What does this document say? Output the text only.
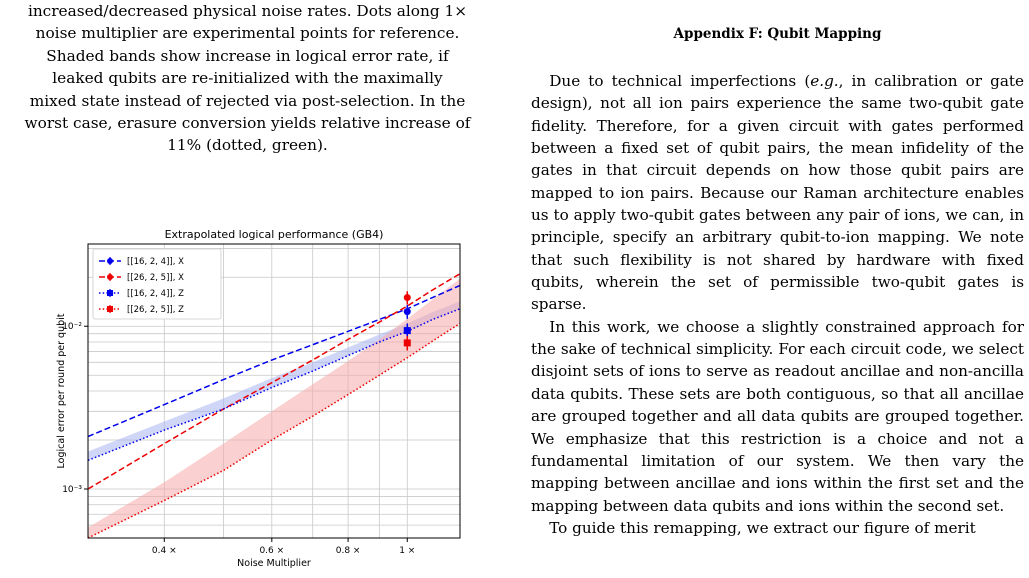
increased/decreased physical noise rates. Dots along 1×
noise multiplier are experimental points for reference.
Shaded bands show increase in logical error rate, if
leaked qubits are re-initialized with the maximally
mixed state instead of rejected via post-selection. In the
worst case, erasure conversion yields relative increase of
11% (dotted, green).
0.4 ×	0.6 ×	0.8 ×	1 ×
10⁻³
10⁻²
Extrapolated logical performance (GB4)
Noise Multiplier
Logical error per round per qubit
[[16, 2, 4]], X
[[26, 2, 5]], X
[[16, 2, 4]], Z
[[26, 2, 5]], Z
Appendix F: Qubit Mapping

Due to technical imperfections (e.g., in calibration or gate design), not all ion pairs experience the same two-qubit gate fidelity. Therefore, for a given circuit with gates performed between a fixed set of qubit pairs, the mean infidelity of the gates in that circuit depends on how those qubit pairs are mapped to ion pairs. Because our Raman architecture enables us to apply two-qubit gates between any pair of ions, we can, in principle, specify an arbitrary qubit-to-ion mapping. We note that such flexibility is not shared by hardware with fixed qubits, wherein the set of permissible two-qubit gates is sparse.

In this work, we choose a slightly constrained approach for the sake of technical simplicity. For each circuit code, we select disjoint sets of ions to serve as readout ancillae and non-ancilla data qubits. These sets are both contiguous, so that all ancillae are grouped together and all data qubits are grouped together. We emphasize that this restriction is a choice and not a fundamental limitation of our system. We then vary the mapping between ancillae and ions within the first set and the mapping between data qubits and ions within the second set.

To guide this remapping, we extract our figure of merit
